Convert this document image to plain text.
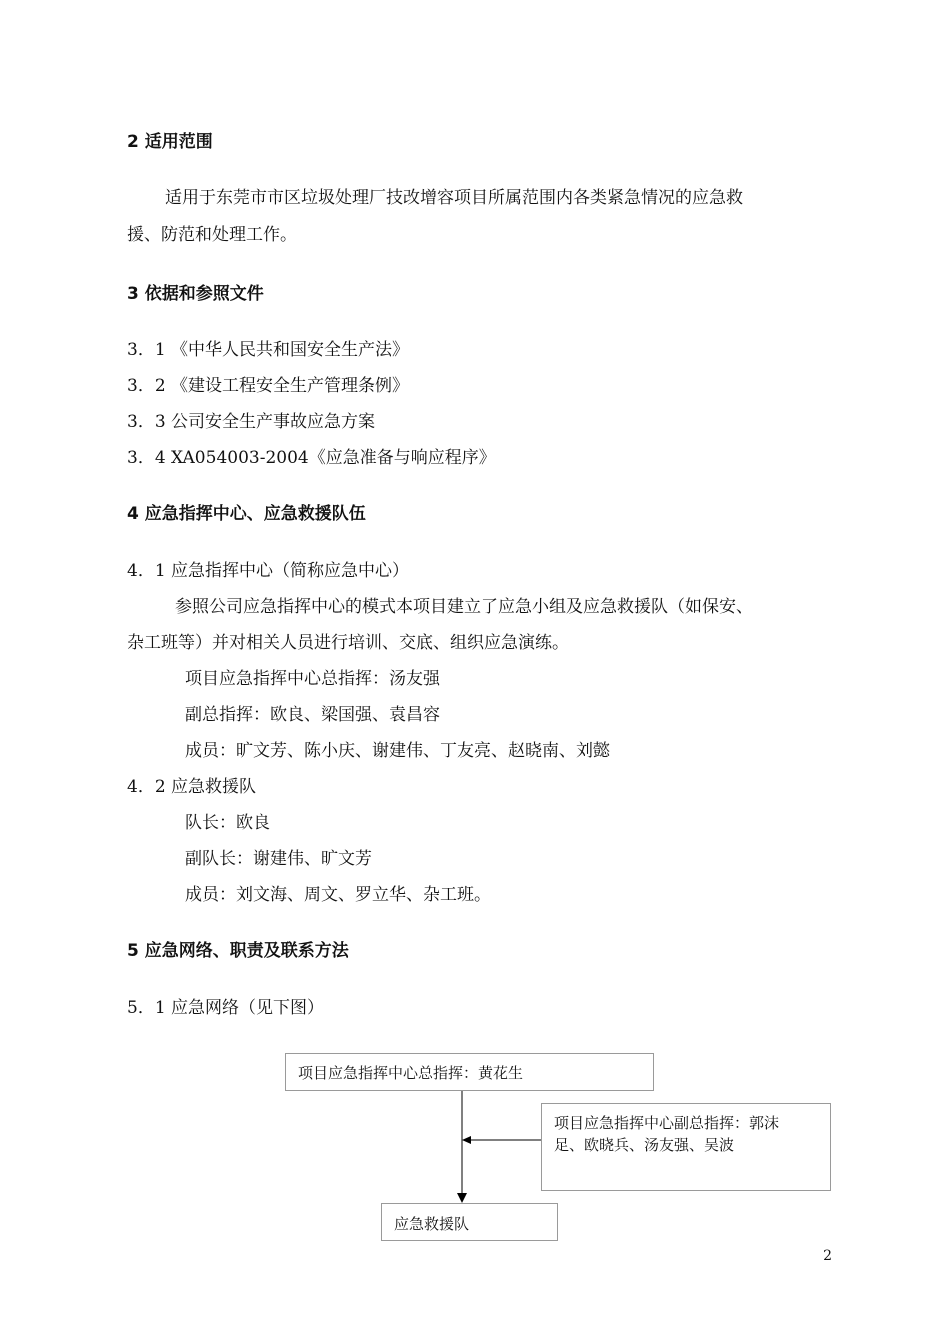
2 适用范围
适用于东莞市市区垃圾处理厂技改增容项目所属范围内各类紧急情况的应急救
援、防范和处理工作。
3 依据和参照文件
3．1 《中华人民共和国安全生产法》
3．2 《建设工程安全生产管理条例》
3．3 公司安全生产事故应急方案
3．4 XA054003-2004《应急准备与响应程序》
4 应急指挥中心、应急救援队伍
4．1 应急指挥中心（简称应急中心）
参照公司应急指挥中心的模式本项目建立了应急小组及应急救援队（如保安、
杂工班等）并对相关人员进行培训、交底、组织应急演练。
项目应急指挥中心总指挥：汤友强
副总指挥：欧良、梁国强、袁昌容
成员：旷文芳、陈小庆、谢建伟、丁友亮、赵晓南、刘懿
4．2 应急救援队
队长：欧良
副队长：谢建伟、旷文芳
成员：刘文海、周文、罗立华、杂工班。
5 应急网络、职责及联系方法
5．1 应急网络（见下图）
项目应急指挥中心总指挥：黄花生
项目应急指挥中心副总指挥：郭沫
足、欧晓兵、汤友强、吴波
应急救援队
2
